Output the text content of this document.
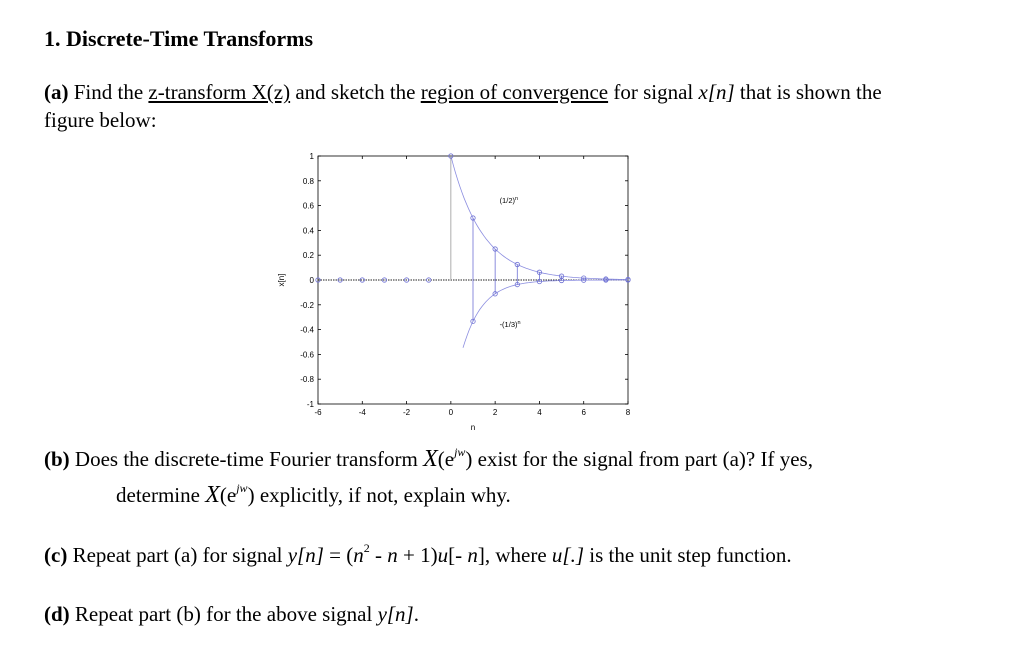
1. Discrete-Time Transforms
(a) Find the z-transform X(z) and sketch the region of convergence for signal x[n] that is shown the
figure below:
1
0.8
0.6
0.4
0.2
0
-0.2
-0.4
-0.6
-0.8
-1
-6	-4	-2	0	2	4	6	8
n
x[n]
$(1/2)^n$
$-(1/3)^n$
(b) Does the discrete-time Fourier transform $X(e^{jw})$ exist for the signal from part (a)? If yes,
determine $X(e^{jw})$ explicitly, if not, explain why.
(c) Repeat part (a) for signal $y[n] = (n^2 - n + 1)u[-$ n], where u[.] is the unit step function.
(d) Repeat part (b) for the above signal y[n].
